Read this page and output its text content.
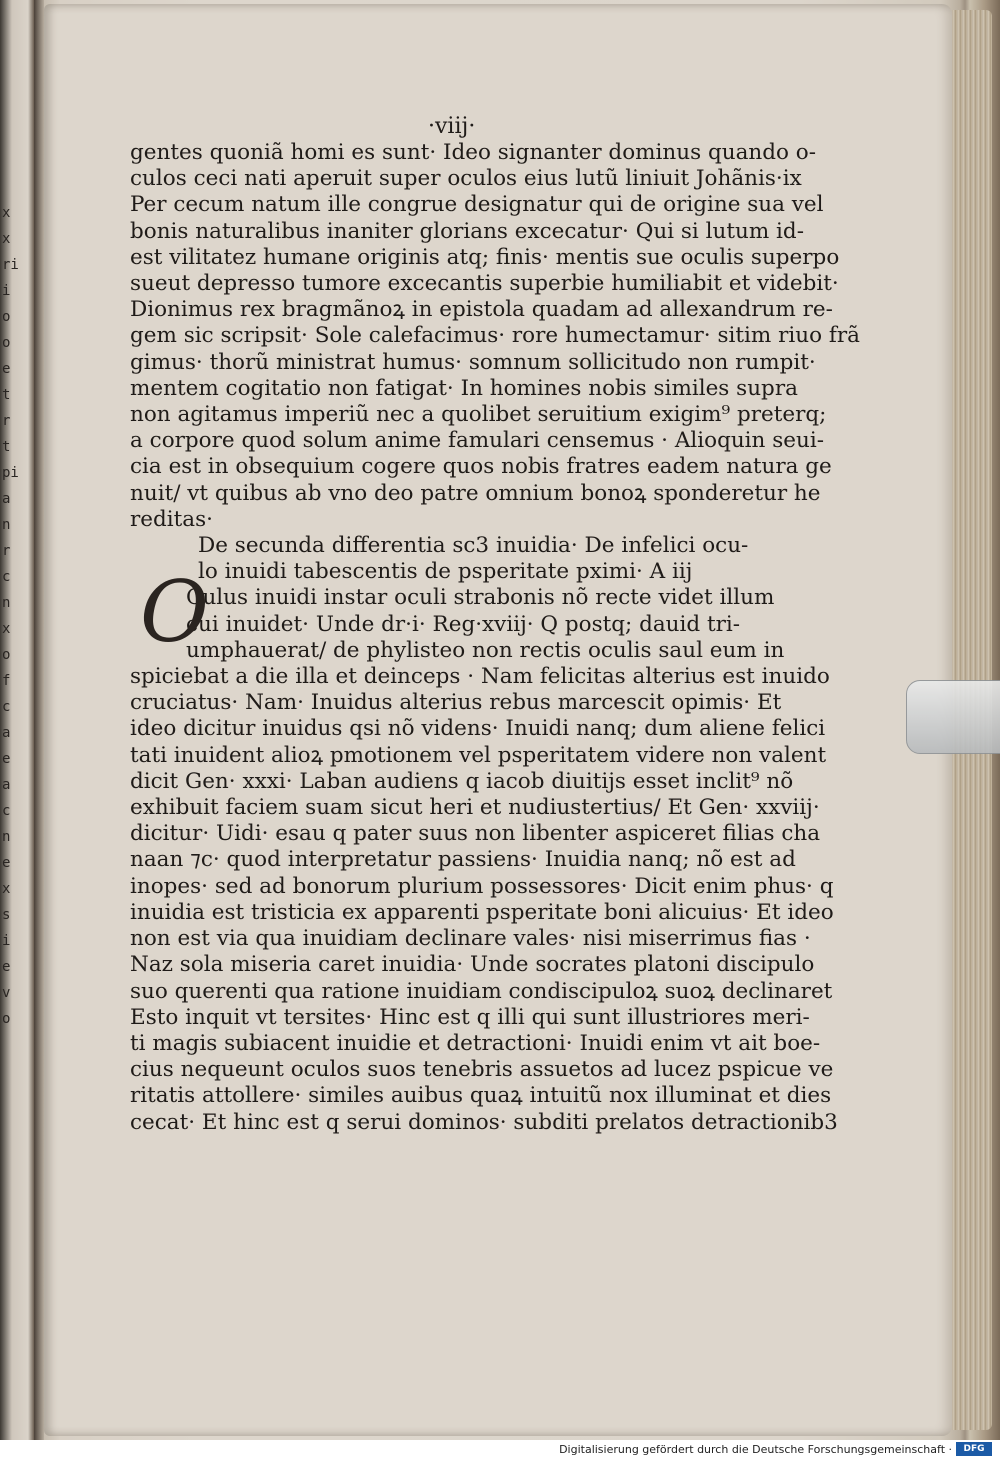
x
x
ri
i
o
o
e
t
r
t
pi
a
n
r
c
n
x
o
f
c
a
e
a
c
n
e
x
s
i
e
v
o
·viij·
gentes quoniã homi es sunt· Ideo signanter dominus quando o-
culos ceci nati aperuit super oculos eius lutũ liniuit Johãnis·ix
Per cecum natum ille congrue designatur qui de origine sua vel
bonis naturalibus inaniter glorians excecatur· Qui si lutum id-
est vilitatez humane originis atq; finis· mentis sue oculis superpo
sueut depresso tumore excecantis superbie humiliabit et videbit·
Dionimus rex bragmãnoꝝ in epistola quadam ad allexandrum re-
gem sic scripsit· Sole calefacimus· rore humectamur· sitim riuo frã
gimus· thorũ ministrat humus· somnum sollicitudo non rumpit·
mentem cogitatio non fatigat· In homines nobis similes supra
non agitamus imperiũ nec a quolibet seruitium exigim⁹ preterq;
a corpore quod solum anime famulari censemus · Alioquin seui-
cia est in obsequium cogere quos nobis fratres eadem natura ge
nuit/ vt quibus ab vno deo patre omnium bonoꝝ sponderetur he
reditas·
De secunda differentia sc3 inuidia· De infelici ocu-
lo inuidi tabescentis de psperitate pximi· A iij
Culus inuidi instar oculi strabonis nõ recte videt illum
cui inuidet· Unde dr·i· Reg·xviij· Q postq; dauid tri-
umphauerat/ de phylisteo non rectis oculis saul eum in
spiciebat a die illa et deinceps · Nam felicitas alterius est inuido
cruciatus· Nam· Inuidus alterius rebus marcescit opimis· Et
ideo dicitur inuidus qsi nõ videns· Inuidi nanq; dum aliene felici
tati inuident alioꝝ pmotionem vel psperitatem videre non valent
dicit Gen· xxxi· Laban audiens q iacob diuitijs esset inclit⁹ nõ
exhibuit faciem suam sicut heri et nudiustertius/ Et Gen· xxviij·
dicitur· Uidi· esau q pater suus non libenter aspiceret filias cha
naan ⁊c· quod interpretatur passiens· Inuidia nanq; nõ est ad
inopes· sed ad bonorum plurium possessores· Dicit enim phus· q
inuidia est tristicia ex apparenti psperitate boni alicuius· Et ideo
non est via qua inuidiam declinare vales· nisi miserrimus fias ·
Naz sola miseria caret inuidia· Unde socrates platoni discipulo
suo querenti qua ratione inuidiam condiscipuloꝝ suoꝝ declinaret
Esto inquit vt tersites· Hinc est q illi qui sunt illustriores meri-
ti magis subiacent inuidie et detractioni· Inuidi enim vt ait boe-
cius nequeunt oculos suos tenebris assuetos ad lucez pspicue ve
ritatis attollere· similes auibus quaꝝ intuitũ nox illuminat et dies
cecat· Et hinc est q serui dominos· subditi prelatos detractionib3
O
Digitalisierung gefördert durch die Deutsche Forschungsgemeinschaft ·	DFG
